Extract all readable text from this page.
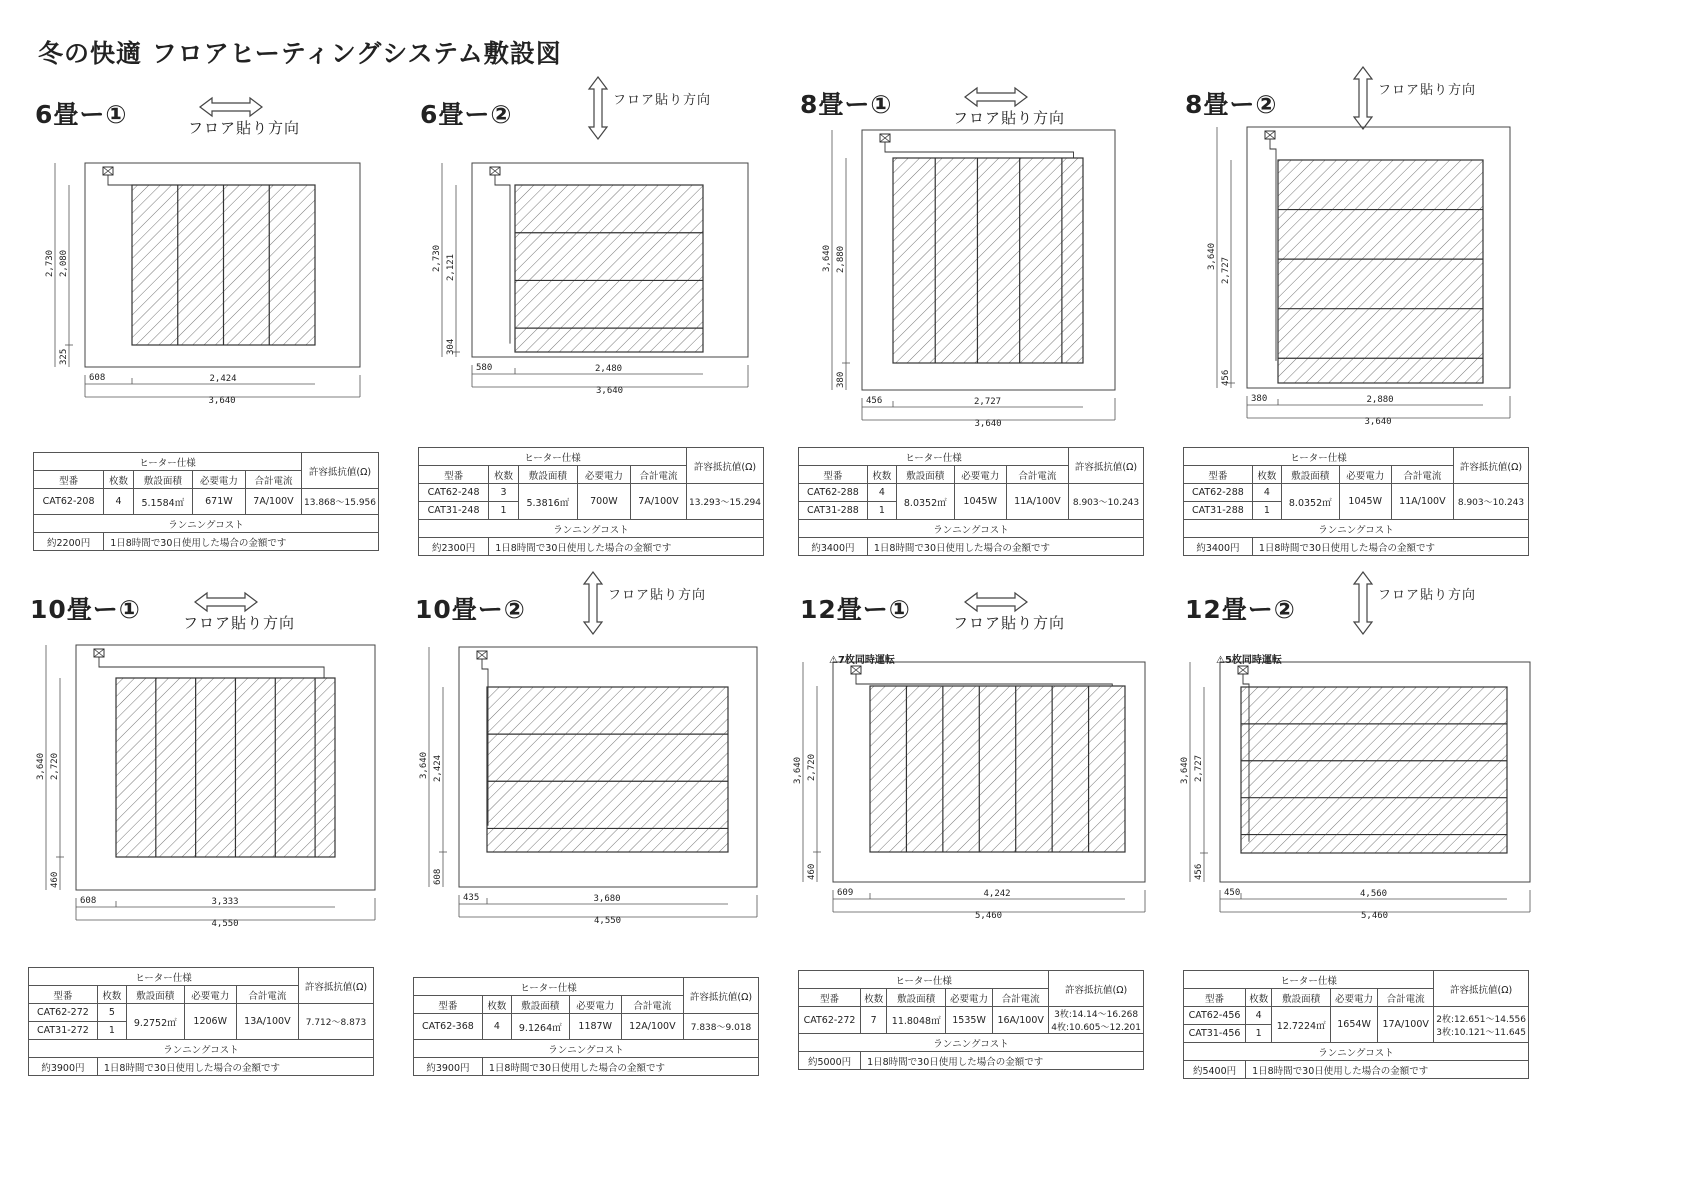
冬の快適 フロアヒーティングシステム敷設図
6畳ー①	フロア貼り方向
2,730 2,080
325
608	2,424
3,640
ヒーター仕様					許容抵抗値(Ω)
型番	枚数	敷設面積	必要電力	合計電流	
CAT62-208	4	5.1584㎡	671W	7A/100V	13.868〜15.956
ランニングコスト					
約2200円	1日8時間で30日使用した場合の金額です				
6畳ー②	フロア貼り方向
2,730 2,121
304
580	2,480
3,640
ヒーター仕様					許容抵抗値(Ω)
型番	枚数	敷設面積	必要電力	合計電流	
CAT62-248	3	5.3816㎡	700W	7A/100V	13.293〜15.294
CAT31-248	1				
ランニングコスト					
約2300円	1日8時間で30日使用した場合の金額です				
8畳ー①	フロア貼り方向
3,640 2,880
380
456	2,727
3,640
ヒーター仕様					許容抵抗値(Ω)
型番	枚数	敷設面積	必要電力	合計電流	
CAT62-288	4	8.0352㎡	1045W	11A/100V	8.903〜10.243
CAT31-288	1				
ランニングコスト					
約3400円	1日8時間で30日使用した場合の金額です				
8畳ー②	フロア貼り方向
3,640
2,727
456
380	2,880
3,640
ヒーター仕様					許容抵抗値(Ω)
型番	枚数	敷設面積	必要電力	合計電流	
CAT62-288	4	8.0352㎡	1045W	11A/100V	8.903〜10.243
CAT31-288	1				
ランニングコスト					
約3400円	1日8時間で30日使用した場合の金額です				
10畳ー①	フロア貼り方向
3,640 2,720
460
608	3,333
4,550
ヒーター仕様					許容抵抗値(Ω)
型番	枚数	敷設面積	必要電力	合計電流	
CAT62-272	5	9.2752㎡	1206W	13A/100V	7.712〜8.873
CAT31-272	1				
ランニングコスト					
約3900円	1日8時間で30日使用した場合の金額です				
10畳ー②	フロア貼り方向
3,640 2,424
608
435	3,680
4,550
ヒーター仕様					許容抵抗値(Ω)
型番	枚数	敷設面積	必要電力	合計電流	
CAT62-368	4	9.1264㎡	1187W	12A/100V	7.838〜9.018
ランニングコスト					
約3900円	1日8時間で30日使用した場合の金額です				
12畳ー①	フロア貼り方向
3,640 2,720
460
609	4,242
5,460
⚠7枚同時運転
ヒーター仕様					許容抵抗値(Ω)
型番	枚数	敷設面積	必要電力	合計電流	
CAT62-272	7	11.8048㎡	1535W	16A/100V	3枚:14.14〜16.268
4枚:10.605〜12.201
ランニングコスト					
約5000円	1日8時間で30日使用した場合の金額です				
12畳ー②	フロア貼り方向
3,640 2,727
456
450	4,560
5,460
⚠5枚同時運転
ヒーター仕様					許容抵抗値(Ω)
型番	枚数	敷設面積	必要電力	合計電流	
CAT62-456	4	12.7224㎡	1654W	17A/100V	2枚:12.651〜14.556
3枚:10.121〜11.645
CAT31-456	1				
ランニングコスト					
約5400円	1日8時間で30日使用した場合の金額です				
